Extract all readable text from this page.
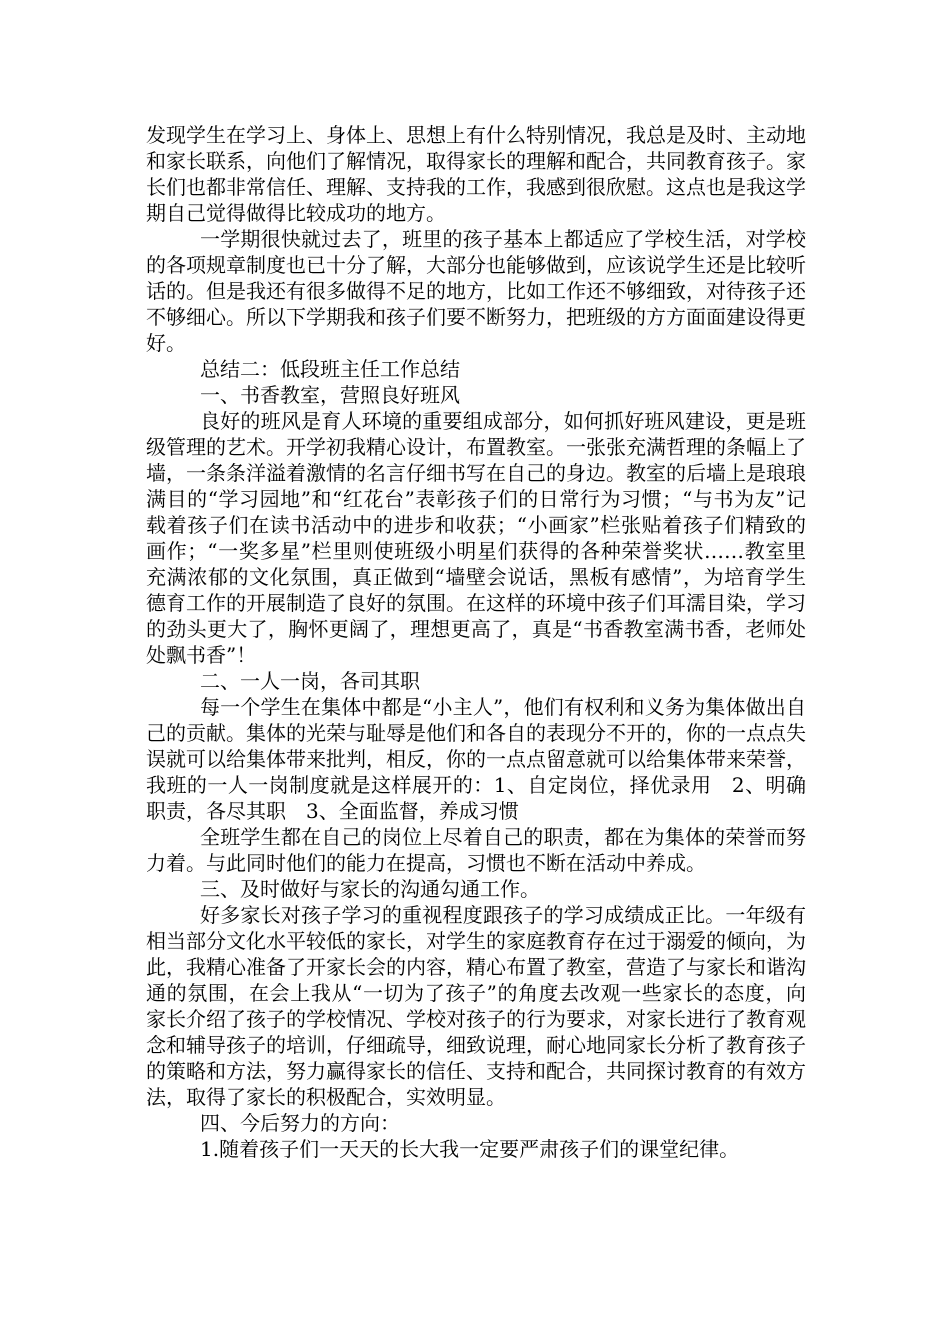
发现学生在学习上、身体上、思想上有什么特别情况，我总是及时、主动地和家长联系，向他们了解情况，取得家长的理解和配合，共同教育孩子。家长们也都非常信任、理解、支持我的工作，我感到很欣慰。这点也是我这学期自己觉得做得比较成功的地方。

一学期很快就过去了，班里的孩子基本上都适应了学校生活，对学校的各项规章制度也已十分了解，大部分也能够做到，应该说学生还是比较听话的。但是我还有很多做得不足的地方，比如工作还不够细致，对待孩子还不够细心。所以下学期我和孩子们要不断努力，把班级的方方面面建设得更好。

总结二：低段班主任工作总结

一、书香教室，营照良好班风

良好的班风是育人环境的重要组成部分，如何抓好班风建设，更是班级管理的艺术。开学初我精心设计，布置教室。一张张充满哲理的条幅上了墙，一条条洋溢着激情的名言仔细书写在自己的身边。教室的后墙上是琅琅满目的“学习园地”和“红花台”表彰孩子们的日常行为习惯；“与书为友”记载着孩子们在读书活动中的进步和收获；“小画家”栏张贴着孩子们精致的画作；“一奖多星”栏里则使班级小明星们获得的各种荣誉奖状……教室里充满浓郁的文化氛围，真正做到“墙壁会说话，黑板有感情”，为培育学生德育工作的开展制造了良好的氛围。在这样的环境中孩子们耳濡目染，学习的劲头更大了，胸怀更阔了，理想更高了，真是“书香教室满书香，老师处处飘书香”！

二、一人一岗，各司其职

每一个学生在集体中都是“小主人”，他们有权利和义务为集体做出自己的贡献。集体的光荣与耻辱是他们和各自的表现分不开的，你的一点点失误就可以给集体带来批判，相反，你的一点点留意就可以给集体带来荣誉，我班的一人一岗制度就是这样展开的：1、自定岗位，择优录用　2、明确职责，各尽其职　3、全面监督，养成习惯

全班学生都在自己的岗位上尽着自己的职责，都在为集体的荣誉而努力着。与此同时他们的能力在提高，习惯也不断在活动中养成。

三、及时做好与家长的沟通勾通工作。

好多家长对孩子学习的重视程度跟孩子的学习成绩成正比。一年级有相当部分文化水平较低的家长，对学生的家庭教育存在过于溺爱的倾向，为此，我精心准备了开家长会的内容，精心布置了教室，营造了与家长和谐沟通的氛围，在会上我从“一切为了孩子”的角度去改观一些家长的态度，向家长介绍了孩子的学校情况、学校对孩子的行为要求，对家长进行了教育观念和辅导孩子的培训，仔细疏导，细致说理，耐心地同家长分析了教育孩子的策略和方法，努力赢得家长的信任、支持和配合，共同探讨教育的有效方法，取得了家长的积极配合，实效明显。

四、今后努力的方向：

1.随着孩子们一天天的长大我一定要严肃孩子们的课堂纪律。
